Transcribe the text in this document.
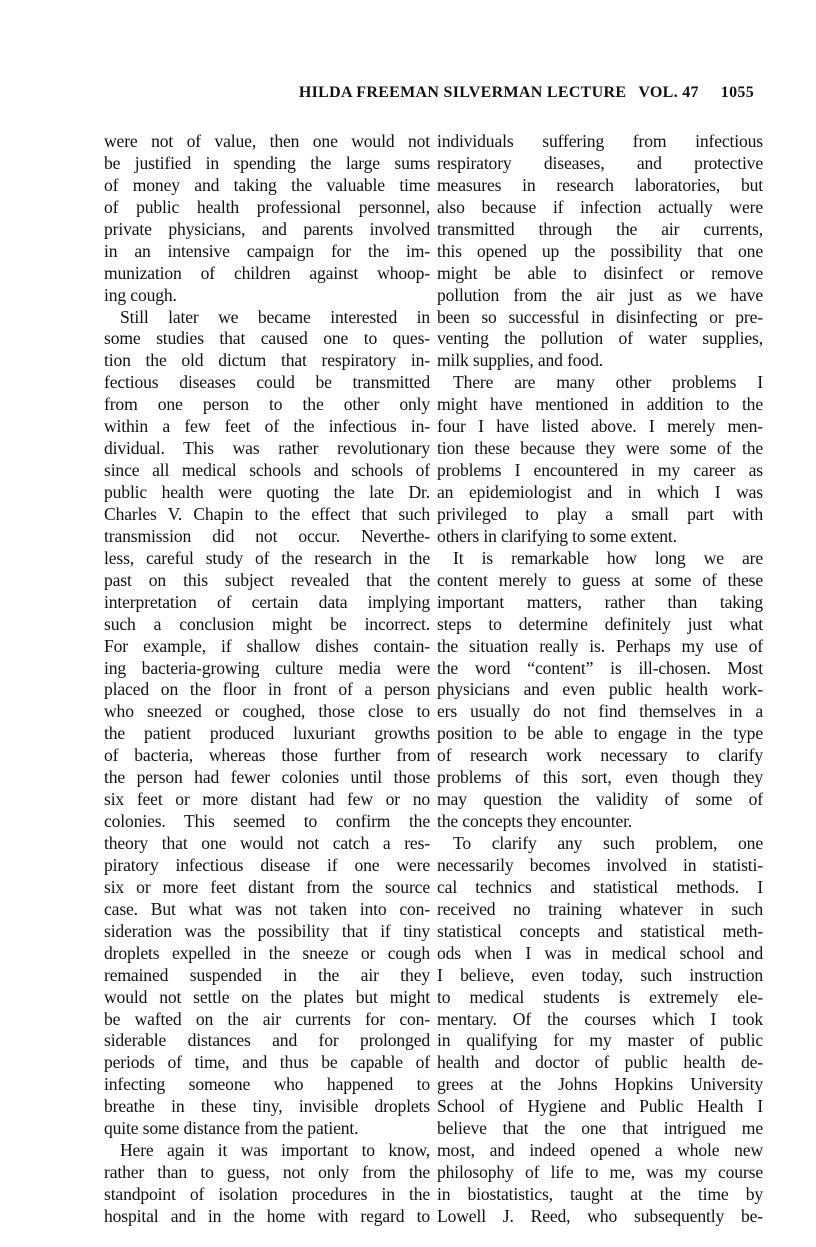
HILDA FREEMAN SILVERMAN LECTURE VOL. 47 1055
were not of value, then one would not
be justified in spending the large sums
of money and taking the valuable time
of public health professional personnel,
private physicians, and parents involved
in an intensive campaign for the im-
munization of children against whoop-
ing cough.
Still later we became interested in
some studies that caused one to ques-
tion the old dictum that respiratory in-
fectious diseases could be transmitted
from one person to the other only
within a few feet of the infectious in-
dividual. This was rather revolutionary
since all medical schools and schools of
public health were quoting the late Dr.
Charles V. Chapin to the effect that such
transmission did not occur. Neverthe-
less, careful study of the research in the
past on this subject revealed that the
interpretation of certain data implying
such a conclusion might be incorrect.
For example, if shallow dishes contain-
ing bacteria-growing culture media were
placed on the floor in front of a person
who sneezed or coughed, those close to
the patient produced luxuriant growths
of bacteria, whereas those further from
the person had fewer colonies until those
six feet or more distant had few or no
colonies. This seemed to confirm the
theory that one would not catch a res-
piratory infectious disease if one were
six or more feet distant from the source
case. But what was not taken into con-
sideration was the possibility that if tiny
droplets expelled in the sneeze or cough
remained suspended in the air they
would not settle on the plates but might
be wafted on the air currents for con-
siderable distances and for prolonged
periods of time, and thus be capable of
infecting someone who happened to
breathe in these tiny, invisible droplets
quite some distance from the patient.
Here again it was important to know,
rather than to guess, not only from the
standpoint of isolation procedures in the
hospital and in the home with regard to
individuals suffering from infectious
respiratory diseases, and protective
measures in research laboratories, but
also because if infection actually were
transmitted through the air currents,
this opened up the possibility that one
might be able to disinfect or remove
pollution from the air just as we have
been so successful in disinfecting or pre-
venting the pollution of water supplies,
milk supplies, and food.
There are many other problems I
might have mentioned in addition to the
four I have listed above. I merely men-
tion these because they were some of the
problems I encountered in my career as
an epidemiologist and in which I was
privileged to play a small part with
others in clarifying to some extent.
It is remarkable how long we are
content merely to guess at some of these
important matters, rather than taking
steps to determine definitely just what
the situation really is. Perhaps my use of
the word “content” is ill-chosen. Most
physicians and even public health work-
ers usually do not find themselves in a
position to be able to engage in the type
of research work necessary to clarify
problems of this sort, even though they
may question the validity of some of
the concepts they encounter.
To clarify any such problem, one
necessarily becomes involved in statisti-
cal technics and statistical methods. I
received no training whatever in such
statistical concepts and statistical meth-
ods when I was in medical school and
I believe, even today, such instruction
to medical students is extremely ele-
mentary. Of the courses which I took
in qualifying for my master of public
health and doctor of public health de-
grees at the Johns Hopkins University
School of Hygiene and Public Health I
believe that the one that intrigued me
most, and indeed opened a whole new
philosophy of life to me, was my course
in biostatistics, taught at the time by
Lowell J. Reed, who subsequently be-
